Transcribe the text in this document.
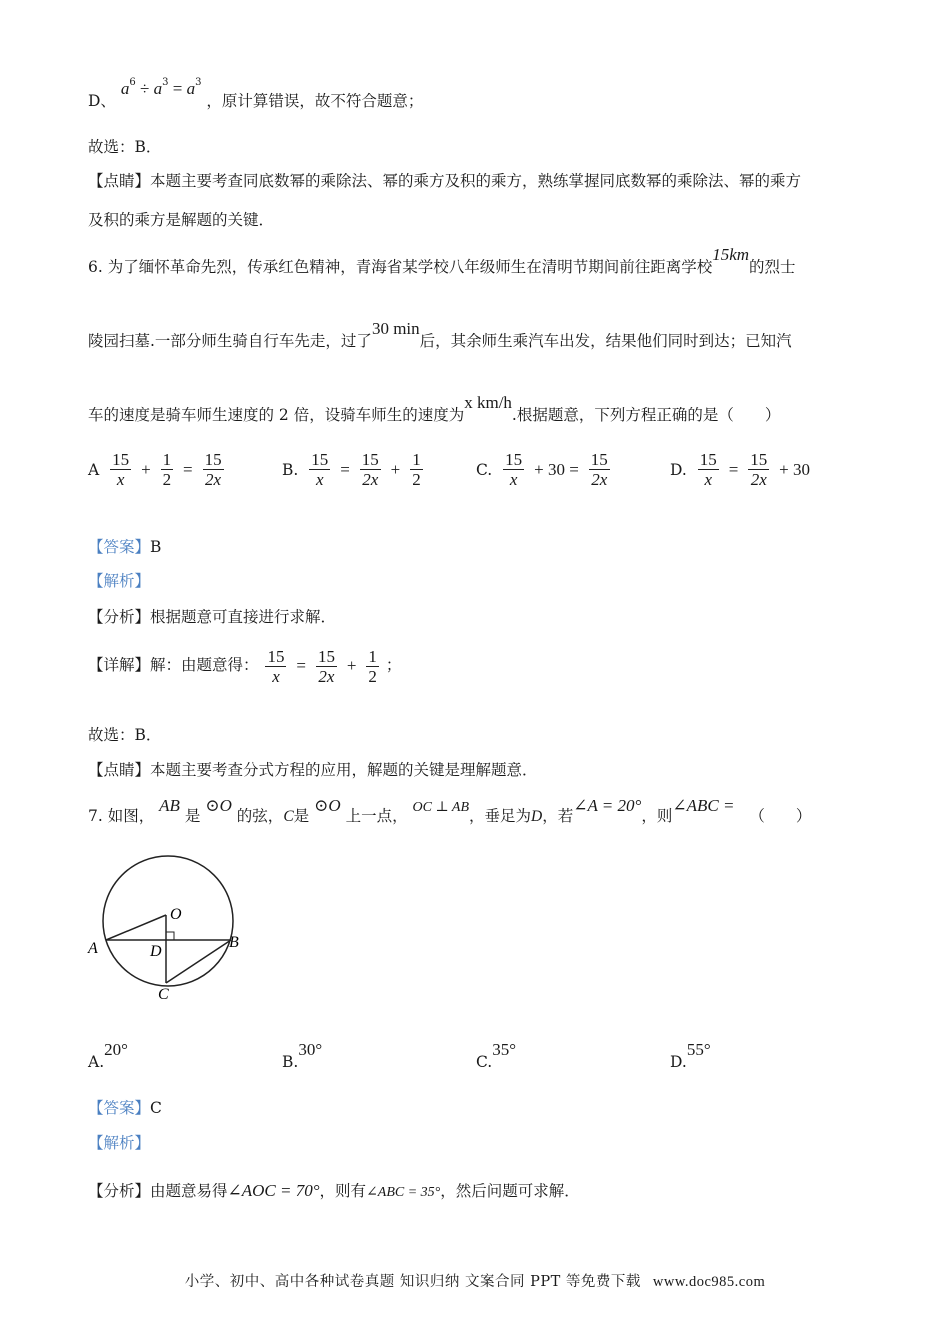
D、 $a^6 \div a^3 = a^3$ ，原计算错误，故不符合题意；
故选：B．
【点睛】本题主要考查同底数幂的乘除法、幂的乘方及积的乘方，熟练掌握同底数幂的乘除法、幂的乘方
及积的乘方是解题的关键．
6. 为了缅怀革命先烈，传承红色精神，青海省某学校八年级师生在清明节期间前往距离学校15km的烈士
陵园扫墓.一部分师生骑自行车先走，过了30 min后，其余师生乘汽车出发，结果他们同时到达；已知汽
车的速度是骑车师生速度的 2 倍，设骑车师生的速度为x km/h.根据题意，下列方程正确的是（　　）
A $\frac{15}{x} + \frac{1}{2} = \frac{15}{2x}$	B. $\frac{15}{x} = \frac{15}{2x} + \frac{1}{2}$	C. $\frac{15}{x} + 30 = \frac{15}{2x}$	D. $\frac{15}{x} = \frac{15}{2x} + 30$
【答案】B
【解析】
【分析】根据题意可直接进行求解．
【详解】解：由题意得： $\frac{15}{x} = \frac{15}{2x} + \frac{1}{2}$ ；
故选：B．
【点睛】本题主要考查分式方程的应用，解题的关键是理解题意．
7. 如图， AB 是 ⊙O 的弦，C是 ⊙O 上一点， OC ⊥ AB，垂足为D，若∠A = 20°，则∠ABC = （　　）
O
A	B
C
D
A.20°
B.30°
C.35°
D.55°
【答案】C
【解析】
【分析】由题意易得∠AOC = 70°，则有∠ABC = 35°，然后问题可求解．
小学、初中、高中各种试卷真题 知识归纳 文案合同 PPT 等免费下载 www.doc985.com
